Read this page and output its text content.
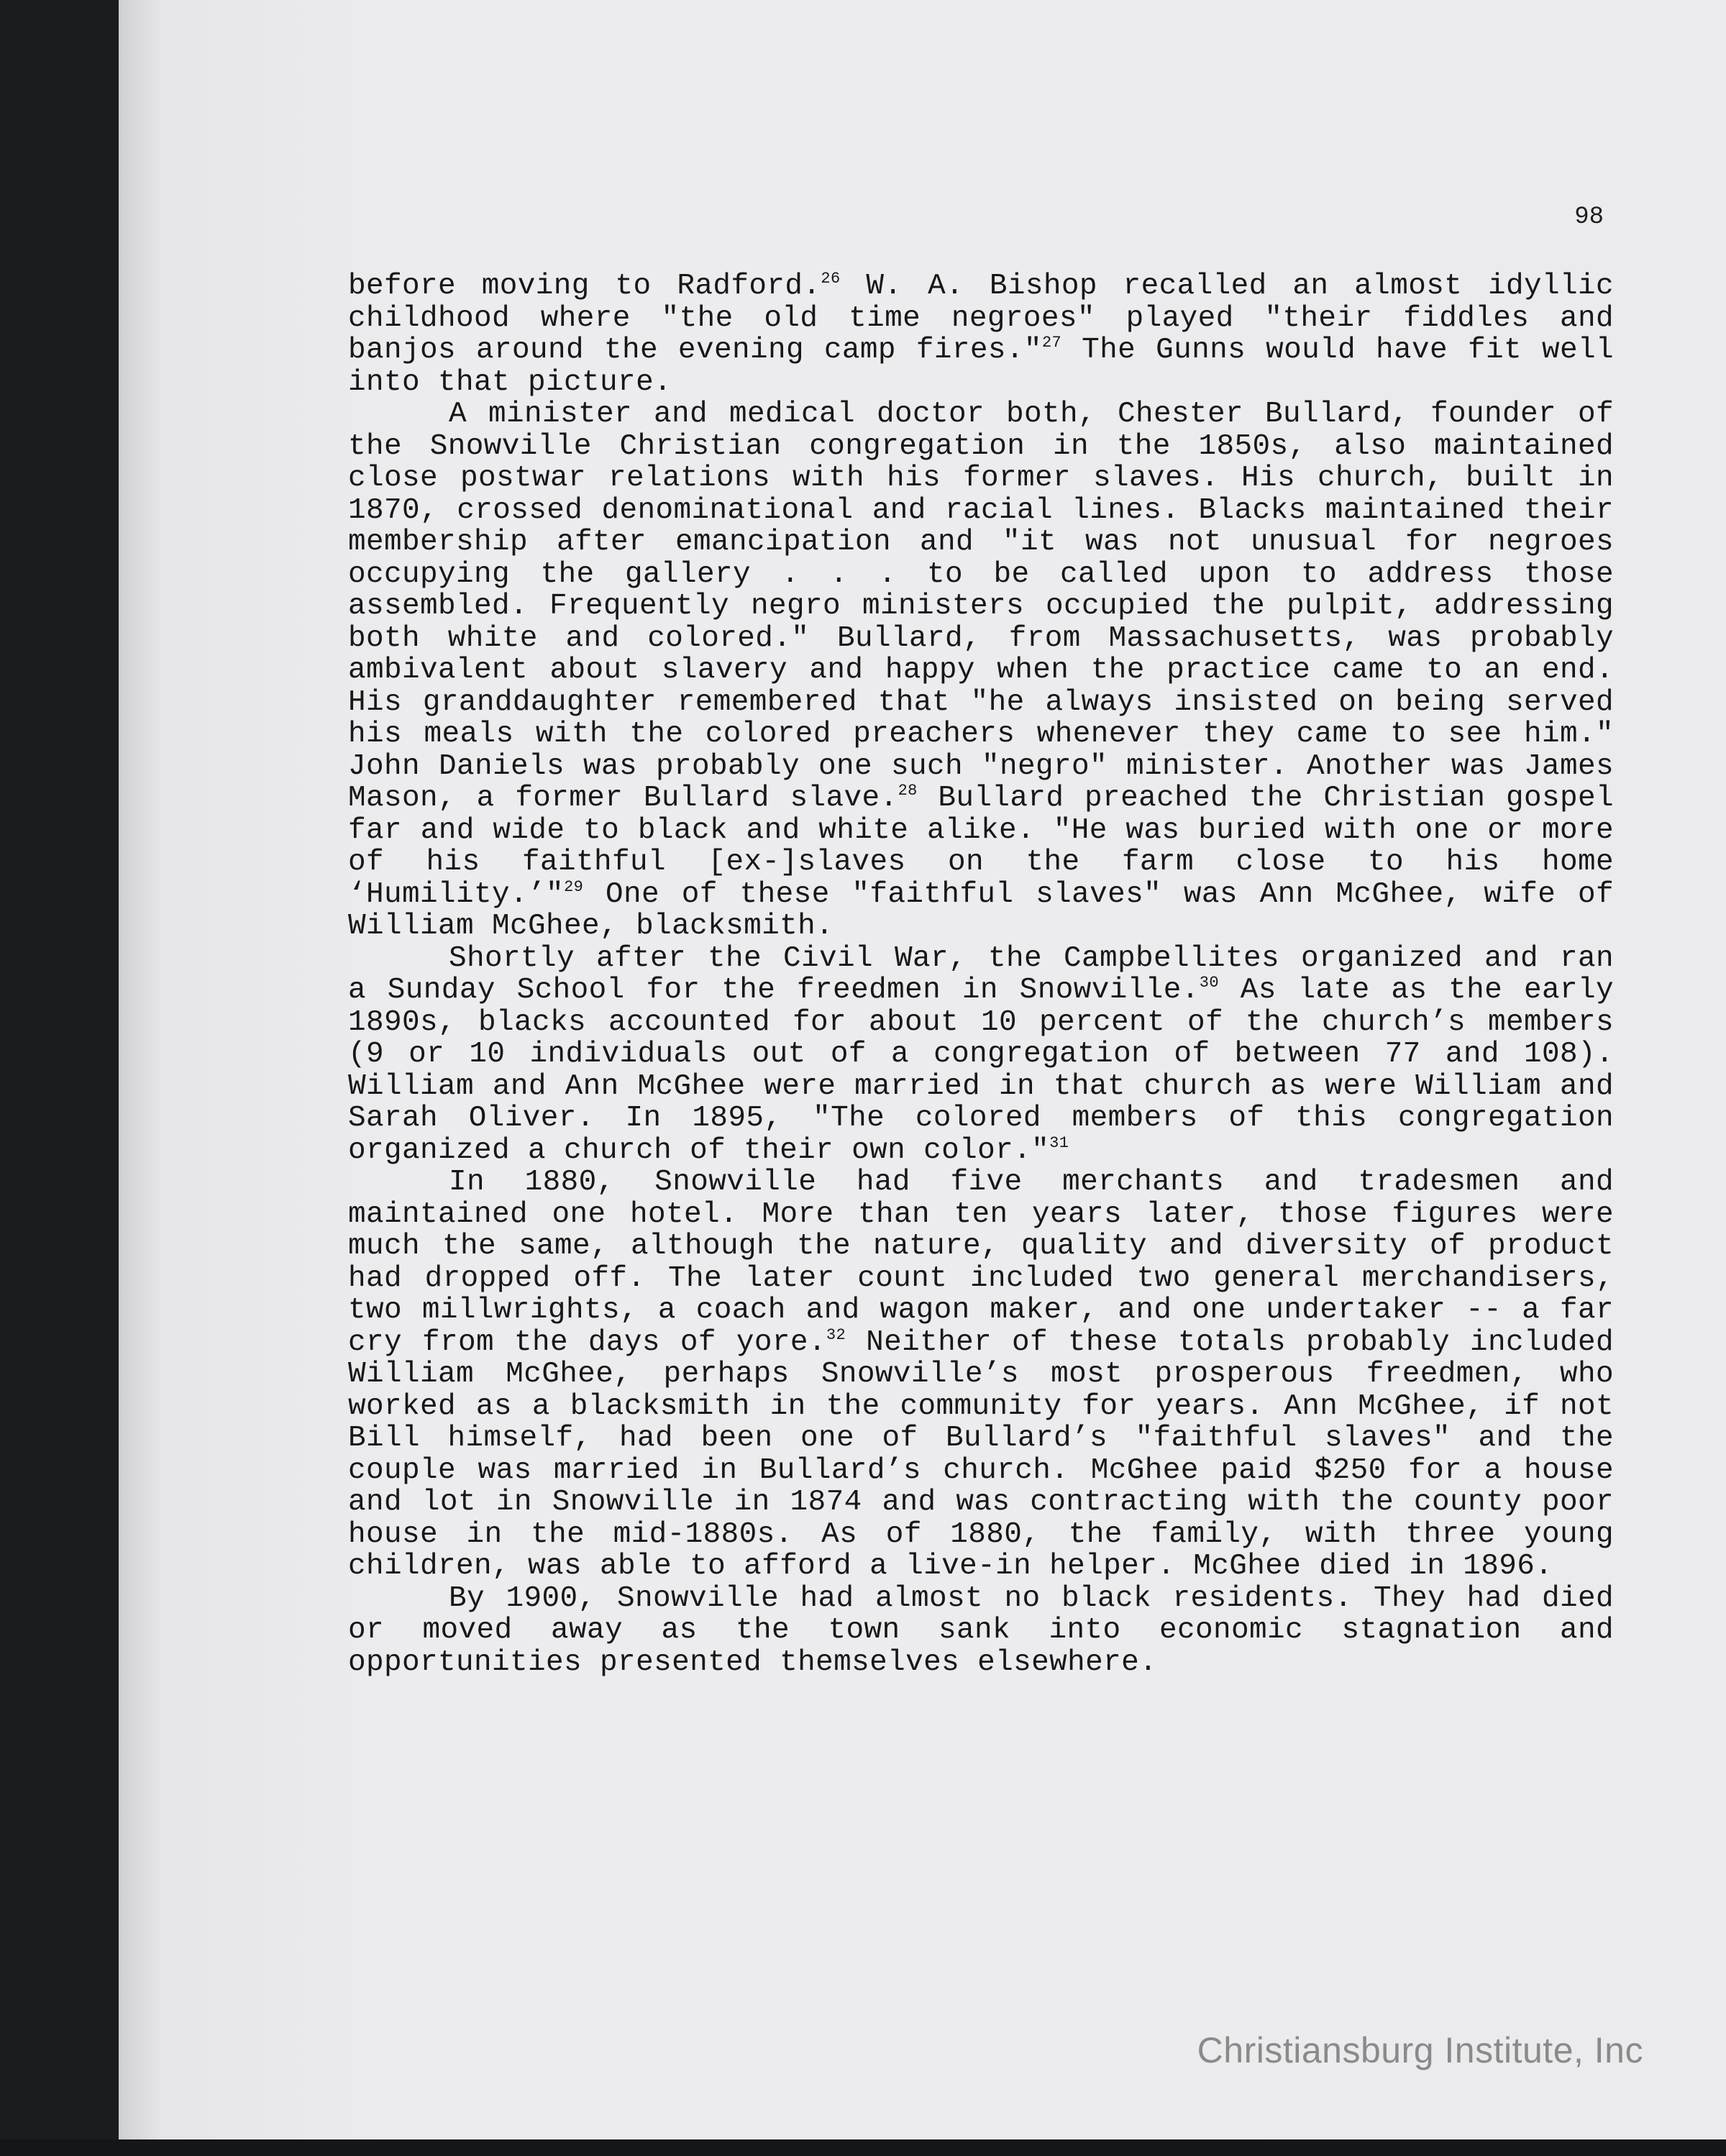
98

before moving to Radford.$^{26}$ W. A. Bishop recalled an almost idyllic childhood where "the old time negroes" played "their fiddles and banjos around the evening camp fires."$^{27}$ The Gunns would have fit well into that picture.

A minister and medical doctor both, Chester Bullard, founder of the Snowville Christian congregation in the 1850s, also maintained close postwar relations with his former slaves. His church, built in 1870, crossed denominational and racial lines. Blacks maintained their membership after emancipation and "it was not unusual for negroes occupying the gallery . . . to be called upon to address those assembled. Frequently negro ministers occupied the pulpit, addressing both white and colored." Bullard, from Massachusetts, was probably ambivalent about slavery and happy when the practice came to an end. His granddaughter remembered that "he always insisted on being served his meals with the colored preachers whenever they came to see him." John Daniels was probably one such "negro" minister. Another was James Mason, a former Bullard slave.$^{28}$ Bullard preached the Christian gospel far and wide to black and white alike. "He was buried with one or more of his faithful [ex-]slaves on the farm close to his home ‘Humility.’"$^{29}$ One of these "faithful slaves" was Ann McGhee, wife of William McGhee, blacksmith.

Shortly after the Civil War, the Campbellites organized and ran a Sunday School for the freedmen in Snowville.$^{30}$ As late as the early 1890s, blacks accounted for about 10 percent of the church’s members (9 or 10 individuals out of a congregation of between 77 and 108). William and Ann McGhee were married in that church as were William and Sarah Oliver. In 1895, "The colored members of this congregation organized a church of their own color."$^{31}$

In 1880, Snowville had five merchants and tradesmen and maintained one hotel. More than ten years later, those figures were much the same, although the nature, quality and diversity of product had dropped off. The later count included two general merchandisers, two millwrights, a coach and wagon maker, and one undertaker -- a far cry from the days of yore.$^{32}$ Neither of these totals probably included William McGhee, perhaps Snowville’s most prosperous freedmen, who worked as a blacksmith in the community for years. Ann McGhee, if not Bill himself, had been one of Bullard’s "faithful slaves" and the couple was married in Bullard’s church. McGhee paid $250 for a house and lot in Snowville in 1874 and was contracting with the county poor house in the mid-1880s. As of 1880, the family, with three young children, was able to afford a live-in helper. McGhee died in 1896.

By 1900, Snowville had almost no black residents. They had died or moved away as the town sank into economic stagnation and opportunities presented themselves elsewhere.

Christiansburg Institute, Inc
